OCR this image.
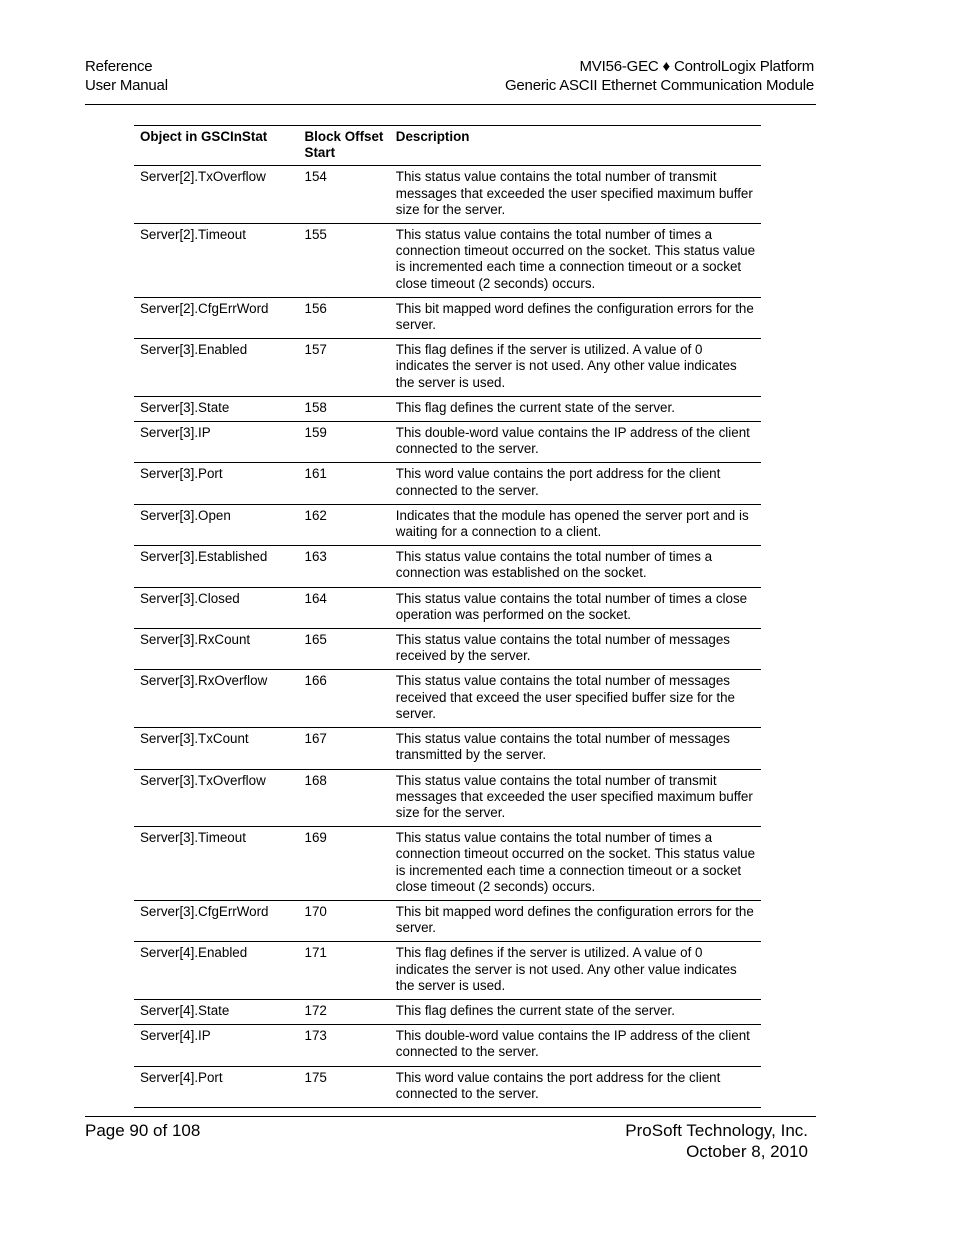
Reference
User Manual
MVI56-GEC ♦ ControlLogix Platform
Generic ASCII Ethernet Communication Module
Object in GSCInStat	Block Offset Start	Description
Server[2].TxOverflow	154	This status value contains the total number of transmit messages that exceeded the user specified maximum buffer size for the server.
Server[2].Timeout	155	This status value contains the total number of times a connection timeout occurred on the socket. This status value is incremented each time a connection timeout or a socket close timeout (2 seconds) occurs.
Server[2].CfgErrWord	156	This bit mapped word defines the configuration errors for the server.
Server[3].Enabled	157	This flag defines if the server is utilized. A value of 0 indicates the server is not used. Any other value indicates the server is used.
Server[3].State	158	This flag defines the current state of the server.
Server[3].IP	159	This double-word value contains the IP address of the client connected to the server.
Server[3].Port	161	This word value contains the port address for the client connected to the server.
Server[3].Open	162	Indicates that the module has opened the server port and is waiting for a connection to a client.
Server[3].Established	163	This status value contains the total number of times a connection was established on the socket.
Server[3].Closed	164	This status value contains the total number of times a close operation was performed on the socket.
Server[3].RxCount	165	This status value contains the total number of messages received by the server.
Server[3].RxOverflow	166	This status value contains the total number of messages received that exceed the user specified buffer size for the server.
Server[3].TxCount	167	This status value contains the total number of messages transmitted by the server.
Server[3].TxOverflow	168	This status value contains the total number of transmit messages that exceeded the user specified maximum buffer size for the server.
Server[3].Timeout	169	This status value contains the total number of times a connection timeout occurred on the socket. This status value is incremented each time a connection timeout or a socket close timeout (2 seconds) occurs.
Server[3].CfgErrWord	170	This bit mapped word defines the configuration errors for the server.
Server[4].Enabled	171	This flag defines if the server is utilized. A value of 0 indicates the server is not used. Any other value indicates the server is used.
Server[4].State	172	This flag defines the current state of the server.
Server[4].IP	173	This double-word value contains the IP address of the client connected to the server.
Server[4].Port	175	This word value contains the port address for the client connected to the server.
Page 90 of 108	ProSoft Technology, Inc.
October 8, 2010
